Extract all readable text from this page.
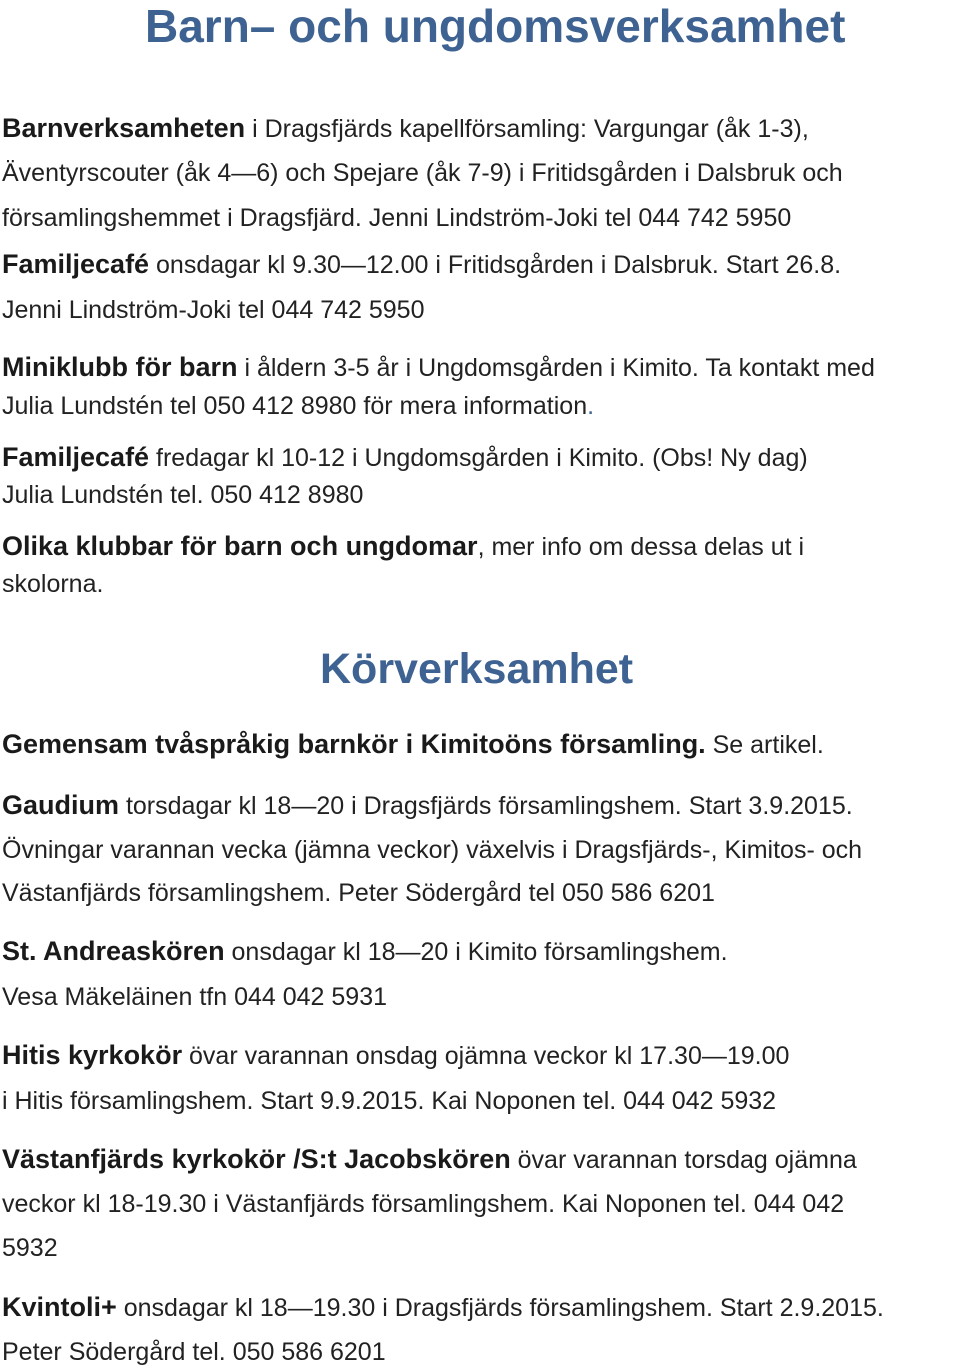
Barn– och ungdomsverksamhet
Barnverksamheten i Dragsfjärds kapellförsamling: Vargungar (åk 1-3),
Äventyrscouter (åk 4—6) och Spejare (åk 7-9) i Fritidsgården i Dalsbruk och
församlingshemmet i Dragsfjärd. Jenni Lindström-Joki tel 044 742 5950
Familjecafé onsdagar kl 9.30—12.00 i Fritidsgården i Dalsbruk. Start 26.8.
Jenni Lindström-Joki tel 044 742 5950
Miniklubb för barn i åldern 3-5 år i Ungdomsgården i Kimito. Ta kontakt med
Julia Lundstén tel 050 412 8980 för mera information.
Familjecafé fredagar kl 10-12 i Ungdomsgården i Kimito. (Obs! Ny dag)
Julia Lundstén tel. 050 412 8980
Olika klubbar för barn och ungdomar, mer info om dessa delas ut i
skolorna.
Körverksamhet
Gemensam tvåspråkig barnkör i Kimitoöns församling. Se artikel.
Gaudium torsdagar kl 18—20 i Dragsfjärds församlingshem. Start 3.9.2015.
Övningar varannan vecka (jämna veckor) växelvis i Dragsfjärds-, Kimitos- och
Västanfjärds församlingshem. Peter Södergård tel 050 586 6201
St. Andreaskören onsdagar kl 18—20 i Kimito församlingshem.
Vesa Mäkeläinen tfn 044 042 5931
Hitis kyrkokör övar varannan onsdag ojämna veckor kl 17.30—19.00
i Hitis församlingshem. Start 9.9.2015. Kai Noponen tel. 044 042 5932
Västanfjärds kyrkokör /S:t Jacobskören övar varannan torsdag ojämna
veckor kl 18-19.30 i Västanfjärds församlingshem. Kai Noponen tel. 044 042
5932
Kvintoli+ onsdagar kl 18—19.30 i Dragsfjärds församlingshem. Start 2.9.2015.
Peter Södergård tel. 050 586 6201
